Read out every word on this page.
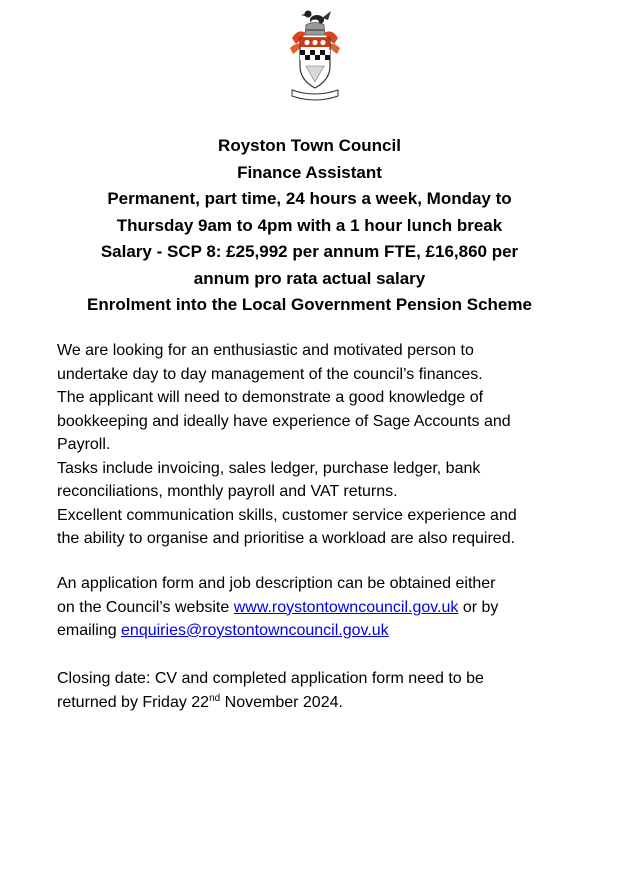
Royston Town Council
Finance Assistant
Permanent, part time, 24 hours a week, Monday to
Thursday 9am to 4pm with a 1 hour lunch break
Salary - SCP 8: £25,992 per annum FTE, £16,860 per
annum pro rata actual salary
Enrolment into the Local Government Pension Scheme
We are looking for an enthusiastic and motivated person to
undertake day to day management of the council’s finances.
The applicant will need to demonstrate a good knowledge of
bookkeeping and ideally have experience of Sage Accounts and
Payroll.
Tasks include invoicing, sales ledger, purchase ledger, bank
reconciliations, monthly payroll and VAT returns.
Excellent communication skills, customer service experience and
the ability to organise and prioritise a workload are also required.
An application form and job description can be obtained either
on the Council’s website www.roystontowncouncil.gov.uk or by
emailing enquiries@roystontowncouncil.gov.uk
Closing date: CV and completed application form need to be
returned by Friday 22nd November 2024.
